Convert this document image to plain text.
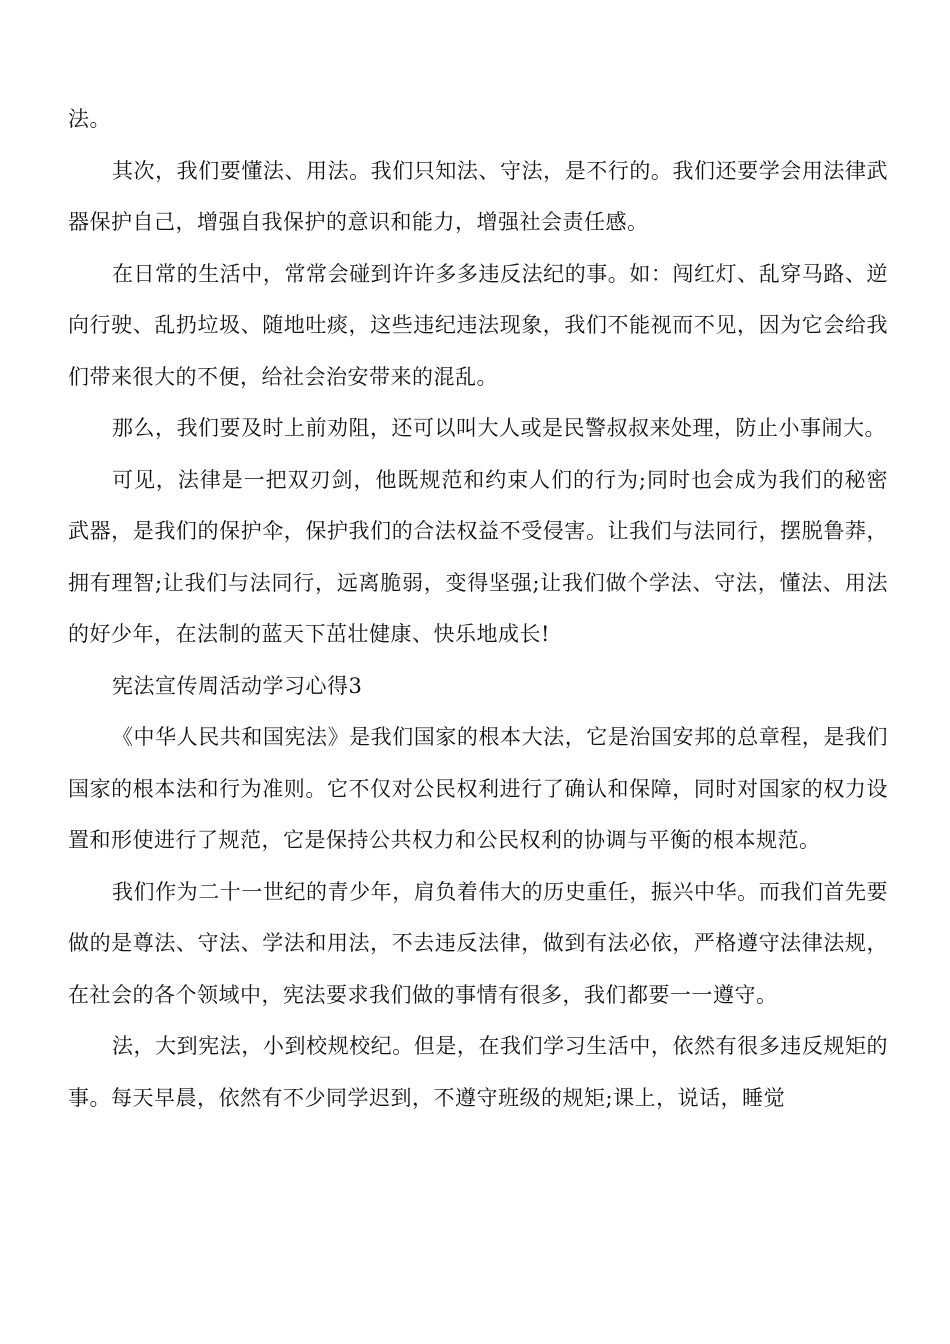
法。

其次，我们要懂法、用法。我们只知法、守法，是不行的。我们还要学会用法律武器保护自己，增强自我保护的意识和能力，增强社会责任感。

在日常的生活中，常常会碰到许许多多违反法纪的事。如：闯红灯、乱穿马路、逆向行驶、乱扔垃圾、随地吐痰，这些违纪违法现象，我们不能视而不见，因为它会给我们带来很大的不便，给社会治安带来的混乱。

那么，我们要及时上前劝阻，还可以叫大人或是民警叔叔来处理，防止小事闹大。

可见，法律是一把双刃剑，他既规范和约束人们的行为;同时也会成为我们的秘密武器，是我们的保护伞，保护我们的合法权益不受侵害。让我们与法同行，摆脱鲁莽，拥有理智;让我们与法同行，远离脆弱，变得坚强;让我们做个学法、守法，懂法、用法的好少年，在法制的蓝天下茁壮健康、快乐地成长!

宪法宣传周活动学习心得3

《中华人民共和国宪法》是我们国家的根本大法，它是治国安邦的总章程，是我们国家的根本法和行为准则。它不仅对公民权利进行了确认和保障，同时对国家的权力设置和形使进行了规范，它是保持公共权力和公民权利的协调与平衡的根本规范。

我们作为二十一世纪的青少年，肩负着伟大的历史重任，振兴中华。而我们首先要做的是尊法、守法、学法和用法，不去违反法律，做到有法必依，严格遵守法律法规，在社会的各个领域中，宪法要求我们做的事情有很多，我们都要一一遵守。

法，大到宪法，小到校规校纪。但是，在我们学习生活中，依然有很多违反规矩的事。每天早晨，依然有不少同学迟到，不遵守班级的规矩;课上，说话，睡觉
